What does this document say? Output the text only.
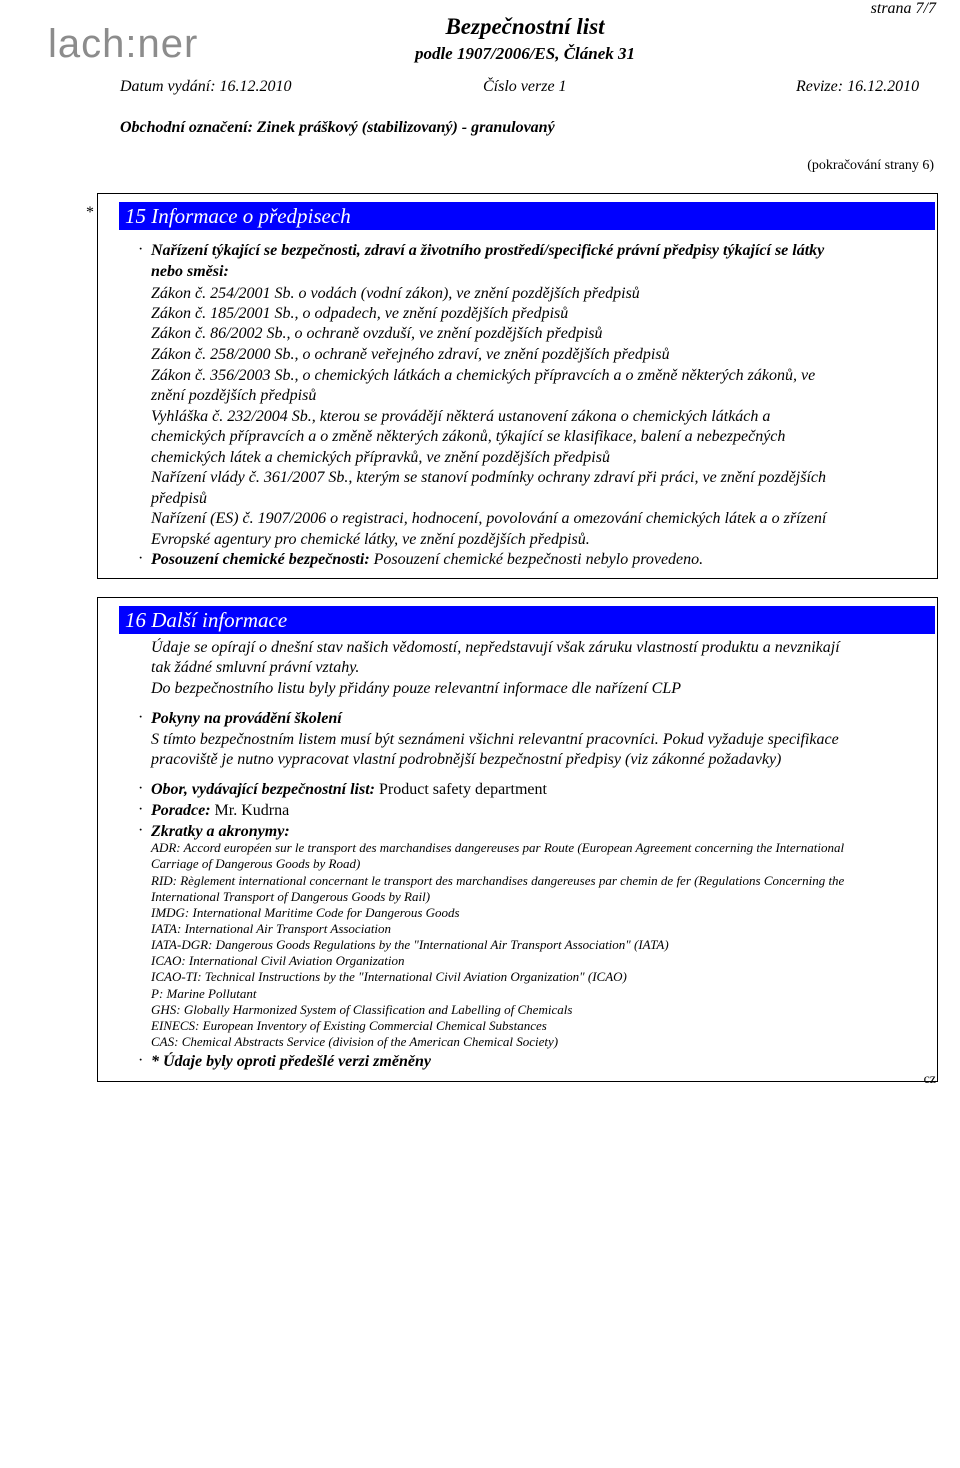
lach:ner
strana 7/7
Bezpečnostní list
podle 1907/2006/ES, Článek 31
Datum vydání: 16.12.2010	Číslo verze 1	Revize: 16.12.2010
Obchodní označení: Zinek práškový (stabilizovaný) - granulovaný
(pokračování strany 6)
* 15 Informace o předpisech
· Nařízení týkající se bezpečnosti, zdraví a životního prostředí/specifické právní předpisy týkající se látky
nebo směsi:
Zákon č. 254/2001 Sb. o vodách (vodní zákon), ve znění pozdějších předpisů
Zákon č. 185/2001 Sb., o odpadech, ve znění pozdějších předpisů
Zákon č. 86/2002 Sb., o ochraně ovzduší, ve znění pozdějších předpisů
Zákon č. 258/2000 Sb., o ochraně veřejného zdraví, ve znění pozdějších předpisů
Zákon č. 356/2003 Sb., o chemických látkách a chemických přípravcích a o změně některých zákonů, ve
znění pozdějších předpisů
Vyhláška č. 232/2004 Sb., kterou se provádějí některá ustanovení zákona o chemických látkách a
chemických přípravcích a o změně některých zákonů, týkající se klasifikace, balení a nebezpečných
chemických látek a chemických přípravků, ve znění pozdějších předpisů
Nařízení vlády č. 361/2007 Sb., kterým se stanoví podmínky ochrany zdraví při práci, ve znění pozdějších
předpisů
Nařízení (ES) č. 1907/2006 o registraci, hodnocení, povolování a omezování chemických látek a o zřízení
Evropské agentury pro chemické látky, ve znění pozdějších předpisů.
· Posouzení chemické bezpečnosti: Posouzení chemické bezpečnosti nebylo provedeno.
16 Další informace
Údaje se opírají o dnešní stav našich vědomostí, nepředstavují však záruku vlastností produktu a nevznikají
tak žádné smluvní právní vztahy.
Do bezpečnostního listu byly přidány pouze relevantní informace dle nařízení CLP
· Pokyny na provádění školení
S tímto bezpečnostním listem musí být seznámeni všichni relevantní pracovníci. Pokud vyžaduje specifikace
pracoviště je nutno vypracovat vlastní podrobnější bezpečnostní předpisy (viz zákonné požadavky)
· Obor, vydávající bezpečnostní list: Product safety department
· Poradce: Mr. Kudrna
· Zkratky a akronymy:
ADR: Accord européen sur le transport des marchandises dangereuses par Route (European Agreement concerning the International
Carriage of Dangerous Goods by Road)
RID: Règlement international concernant le transport des marchandises dangereuses par chemin de fer (Regulations Concerning the
International Transport of Dangerous Goods by Rail)
IMDG: International Maritime Code for Dangerous Goods
IATA: International Air Transport Association
IATA-DGR: Dangerous Goods Regulations by the "International Air Transport Association" (IATA)
ICAO: International Civil Aviation Organization
ICAO-TI: Technical Instructions by the "International Civil Aviation Organization" (ICAO)
P: Marine Pollutant
GHS: Globally Harmonized System of Classification and Labelling of Chemicals
EINECS: European Inventory of Existing Commercial Chemical Substances
CAS: Chemical Abstracts Service (division of the American Chemical Society)
· * Údaje byly oproti předešlé verzi změněny
cz
